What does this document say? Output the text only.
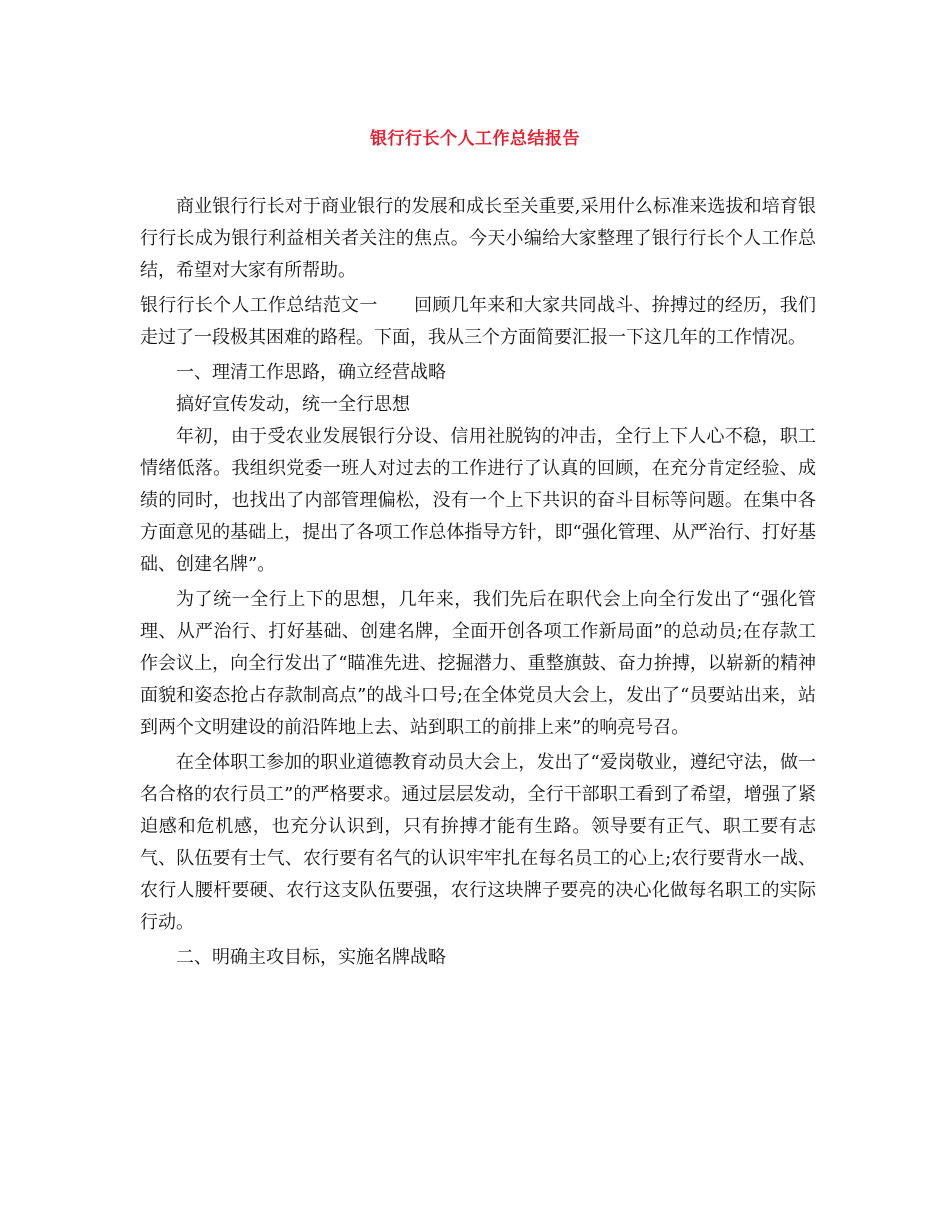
银行行长个人工作总结报告

商业银行行长对于商业银行的发展和成长至关重要,采用什么标准来选拔和培育银行行长成为银行利益相关者关注的焦点。今天小编给大家整理了银行行长个人工作总结，希望对大家有所帮助。

银行行长个人工作总结范文一　　回顾几年来和大家共同战斗、拚搏过的经历，我们走过了一段极其困难的路程。下面，我从三个方面简要汇报一下这几年的工作情况。

一、理清工作思路，确立经营战略

搞好宣传发动，统一全行思想

年初，由于受农业发展银行分设、信用社脱钩的冲击，全行上下人心不稳，职工情绪低落。我组织党委一班人对过去的工作进行了认真的回顾，在充分肯定经验、成绩的同时，也找出了内部管理偏松，没有一个上下共识的奋斗目标等问题。在集中各方面意见的基础上，提出了各项工作总体指导方针，即“强化管理、从严治行、打好基础、创建名牌”。

为了统一全行上下的思想，几年来，我们先后在职代会上向全行发出了“强化管理、从严治行、打好基础、创建名牌，全面开创各项工作新局面”的总动员;在存款工作会议上，向全行发出了“瞄准先进、挖掘潜力、重整旗鼓、奋力拚搏，以崭新的精神面貌和姿态抢占存款制高点”的战斗口号;在全体党员大会上，发出了“员要站出来，站到两个文明建设的前沿阵地上去、站到职工的前排上来”的响亮号召。

在全体职工参加的职业道德教育动员大会上，发出了“爱岗敬业，遵纪守法，做一名合格的农行员工”的严格要求。通过层层发动，全行干部职工看到了希望，增强了紧迫感和危机感，也充分认识到，只有拚搏才能有生路。领导要有正气、职工要有志气、队伍要有士气、农行要有名气的认识牢牢扎在每名员工的心上;农行要背水一战、农行人腰杆要硬、农行这支队伍要强，农行这块牌子要亮的决心化做每名职工的实际行动。

二、明确主攻目标，实施名牌战略
